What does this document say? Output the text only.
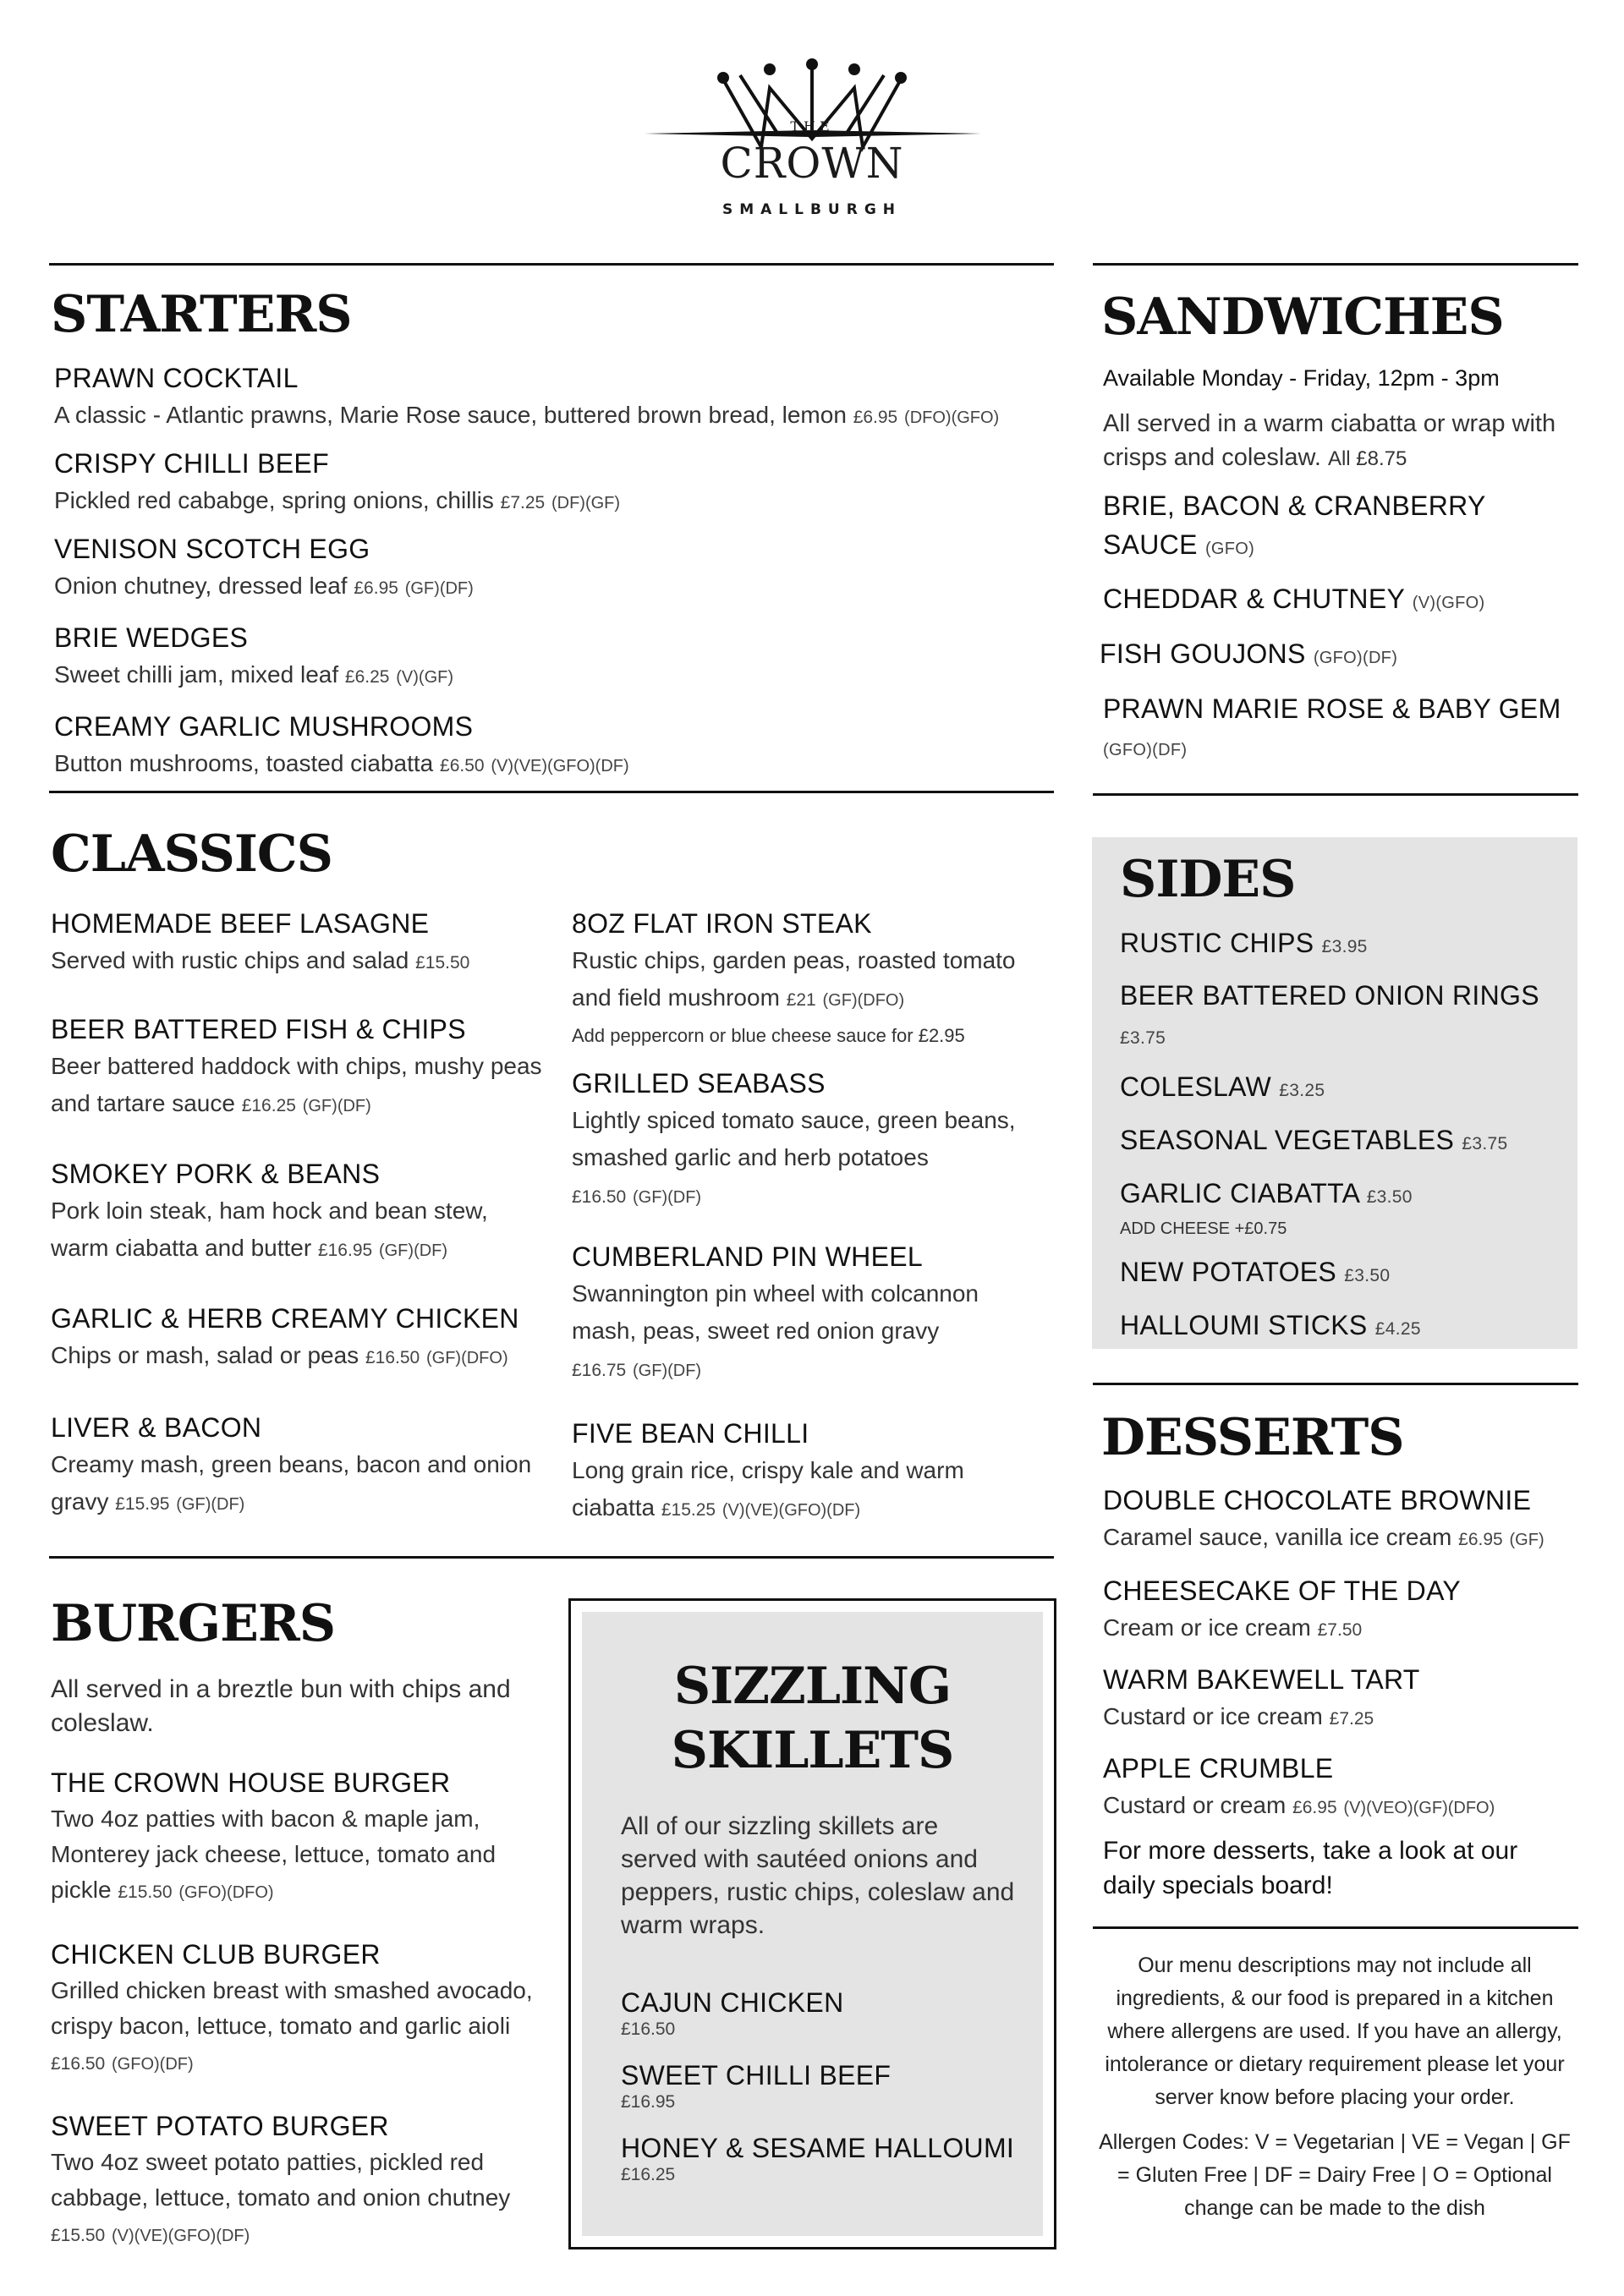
THE
CROWN
SMALLBURGH
STARTERS
PRAWN COCKTAIL
A classic - Atlantic prawns, Marie Rose sauce, buttered brown bread, lemon £6.95 (DFO)(GFO)
CRISPY CHILLI BEEF
Pickled red cababge, spring onions, chillis £7.25 (DF)(GF)
VENISON SCOTCH EGG
Onion chutney, dressed leaf £6.95 (GF)(DF)
BRIE WEDGES
Sweet chilli jam, mixed leaf £6.25 (V)(GF)
CREAMY GARLIC MUSHROOMS
Button mushrooms, toasted ciabatta £6.50 (V)(VE)(GFO)(DF)
SANDWICHES
Available Monday - Friday, 12pm - 3pm
All served in a warm ciabatta or wrap with crisps and coleslaw. All £8.75
BRIE, BACON & CRANBERRY SAUCE (GFO)
CHEDDAR & CHUTNEY (V)(GFO)
FISH GOUJONS (GFO)(DF)
PRAWN MARIE ROSE & BABY GEM
(GFO)(DF)
CLASSICS
HOMEMADE BEEF LASAGNE
Served with rustic chips and salad £15.50
BEER BATTERED FISH & CHIPS
Beer battered haddock with chips, mushy peas and tartare sauce £16.25 (GF)(DF)
SMOKEY PORK & BEANS
Pork loin steak, ham hock and bean stew, warm ciabatta and butter £16.95 (GF)(DF)
GARLIC & HERB CREAMY CHICKEN
Chips or mash, salad or peas £16.50 (GF)(DFO)
LIVER & BACON
Creamy mash, green beans, bacon and onion gravy £15.95 (GF)(DF)
8OZ FLAT IRON STEAK
Rustic chips, garden peas, roasted tomato and field mushroom £21 (GF)(DFO)
Add peppercorn or blue cheese sauce for £2.95
GRILLED SEABASS
Lightly spiced tomato sauce, green beans, smashed garlic and herb potatoes
£16.50 (GF)(DF)
CUMBERLAND PIN WHEEL
Swannington pin wheel with colcannon mash, peas, sweet red onion gravy
£16.75 (GF)(DF)
FIVE BEAN CHILLI
Long grain rice, crispy kale and warm ciabatta £15.25 (V)(VE)(GFO)(DF)
SIDES
RUSTIC CHIPS £3.95
BEER BATTERED ONION RINGS £3.75
COLESLAW £3.25
SEASONAL VEGETABLES £3.75
GARLIC CIABATTA £3.50
ADD CHEESE +£0.75
NEW POTATOES £3.50
HALLOUMI STICKS £4.25
DESSERTS
DOUBLE CHOCOLATE BROWNIE
Caramel sauce, vanilla ice cream £6.95 (GF)
CHEESECAKE OF THE DAY
Cream or ice cream £7.50
WARM BAKEWELL TART
Custard or ice cream £7.25
APPLE CRUMBLE
Custard or cream £6.95 (V)(VEO)(GF)(DFO)
For more desserts, take a look at our daily specials board!
BURGERS
All served in a breztle bun with chips and coleslaw.
THE CROWN HOUSE BURGER
Two 4oz patties with bacon & maple jam, Monterey jack cheese, lettuce, tomato and pickle £15.50 (GFO)(DFO)
CHICKEN CLUB BURGER
Grilled chicken breast with smashed avocado, crispy bacon, lettuce, tomato and garlic aioli £16.50 (GFO)(DF)
SWEET POTATO BURGER
Two 4oz sweet potato patties, pickled red cabbage, lettuce, tomato and onion chutney £15.50 (V)(VE)(GFO)(DF)
SIZZLING
SKILLETS
All of our sizzling skillets are served with sautéed onions and peppers, rustic chips, coleslaw and warm wraps.
CAJUN CHICKEN
£16.50
SWEET CHILLI BEEF
£16.95
HONEY & SESAME HALLOUMI
£16.25
Our menu descriptions may not include all ingredients, & our food is prepared in a kitchen where allergens are used. If you have an allergy, intolerance or dietary requirement please let your server know before placing your order.
Allergen Codes: V = Vegetarian | VE = Vegan | GF = Gluten Free | DF = Dairy Free | O = Optional change can be made to the dish
